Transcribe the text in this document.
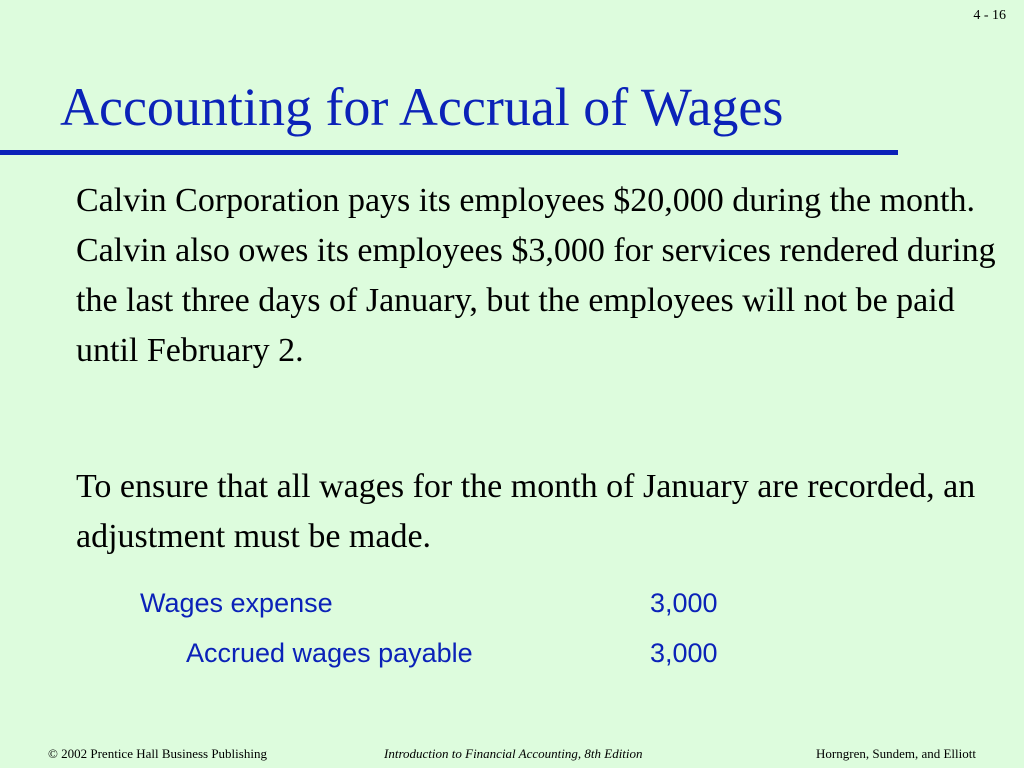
4 - 16
Accounting for Accrual of Wages

Calvin Corporation pays its employees $20,000 during the month. Calvin also owes its employees $3,000 for services rendered during the last three days of January, but the employees will not be paid until February 2.

To ensure that all wages for the month of January are recorded, an adjustment must be made.

Wages expense	3,000
Accrued wages payable	3,000
© 2002 Prentice Hall Business Publishing	Introduction to Financial Accounting, 8th Edition	Horngren, Sundem, and Elliott
